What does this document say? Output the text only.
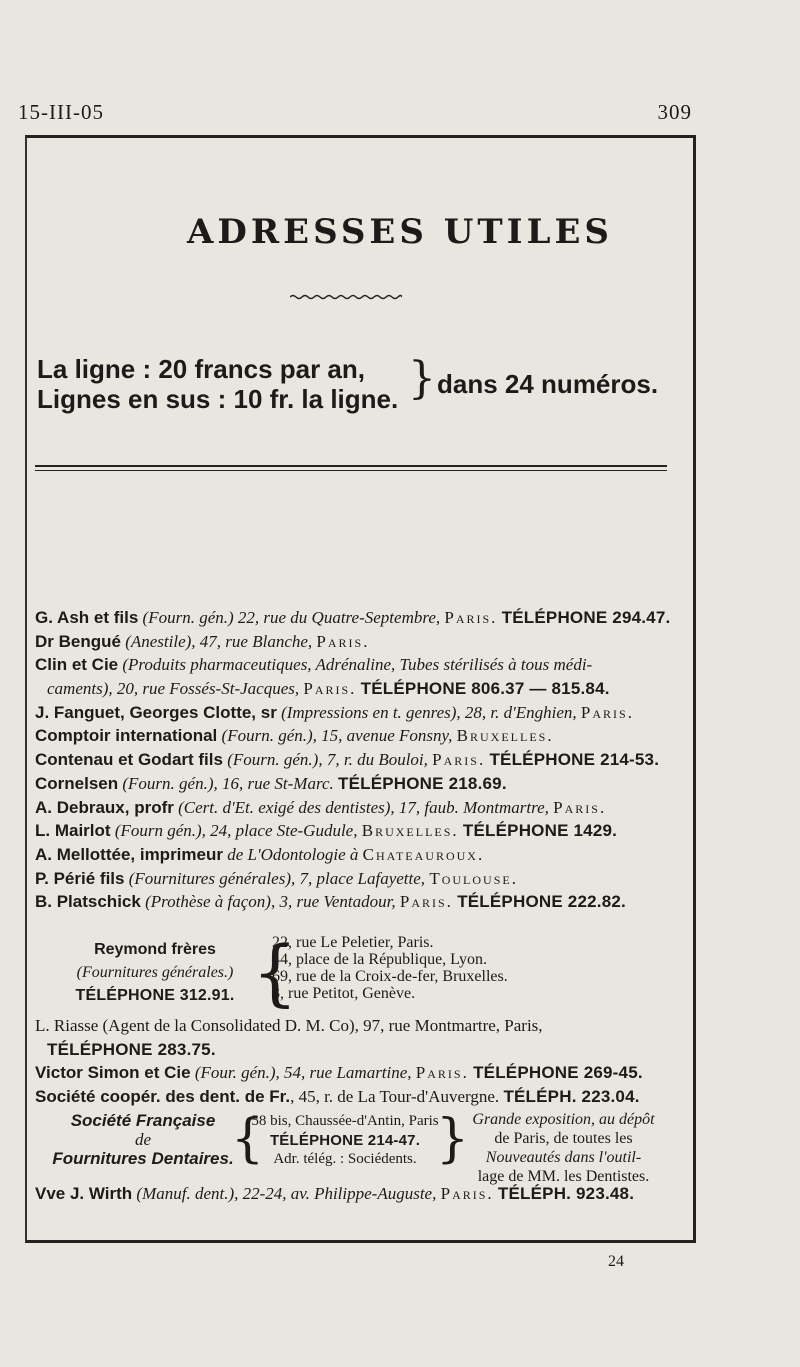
15-III-05	309
ADRESSES UTILES
La ligne : 20 francs par an,
Lignes en sus : 10 fr. la ligne. } dans 24 numéros.
G. Ash et fils (Fourn. gén.) 22, rue du Quatre-Septembre, Paris. TÉLÉPHONE 294.47.
Dr Bengué (Anestile), 47, rue Blanche, Paris.
Clin et Cie (Produits pharmaceutiques, Adrénaline, Tubes stérilisés à tous médi-
caments), 20, rue Fossés-St-Jacques, Paris. TÉLÉPHONE 806.37 — 815.84.
J. Fanguet, Georges Clotte, sr (Impressions en t. genres), 28, r. d'Enghien, Paris.
Comptoir international (Fourn. gén.), 15, avenue Fonsny, Bruxelles.
Contenau et Godart fils (Fourn. gén.), 7, r. du Bouloi, Paris. TÉLÉPHONE 214-53.
Cornelsen (Fourn. gén.), 16, rue St-Marc. TÉLÉPHONE 218.69.
A. Debraux, profr (Cert. d'Et. exigé des dentistes), 17, faub. Montmartre, Paris.
L. Mairlot (Fourn gén.), 24, place Ste-Gudule, Bruxelles. TÉLÉPHONE 1429.
A. Mellottée, imprimeur de L'Odontologie à Chateauroux.
P. Périé fils (Fournitures générales), 7, place Lafayette, Toulouse.
B. Platschick (Prothèse à façon), 3, rue Ventadour, Paris. TÉLÉPHONE 222.82.
Reymond frères
(Fournitures générales.)
TÉLÉPHONE 312.91. {
22, rue Le Peletier, Paris.
44, place de la République, Lyon.
69, rue de la Croix-de-fer, Bruxelles.
3, rue Petitot, Genève.
L. Riasse (Agent de la Consolidated D. M. Co), 97, rue Montmartre, Paris,
TÉLÉPHONE 283.75.
Victor Simon et Cie (Four. gén.), 54, rue Lamartine, Paris. TÉLÉPHONE 269-45.
Société coopér. des dent. de Fr., 45, r. de La Tour-d'Auvergne. TÉLÉPH. 223.04.
Société Française
de
Fournitures Dentaires.
{
58 bis, Chaussée-d'Antin, Paris
TÉLÉPHONE 214-47.
Adr. télég. : Sociédents. } Grande exposition, au dépôt
de Paris, de toutes les
Nouveautés dans l'outil-
lage de MM. les Dentistes.
Vve J. Wirth (Manuf. dent.), 22-24, av. Philippe-Auguste, Paris. TÉLÉPH. 923.48.
24
